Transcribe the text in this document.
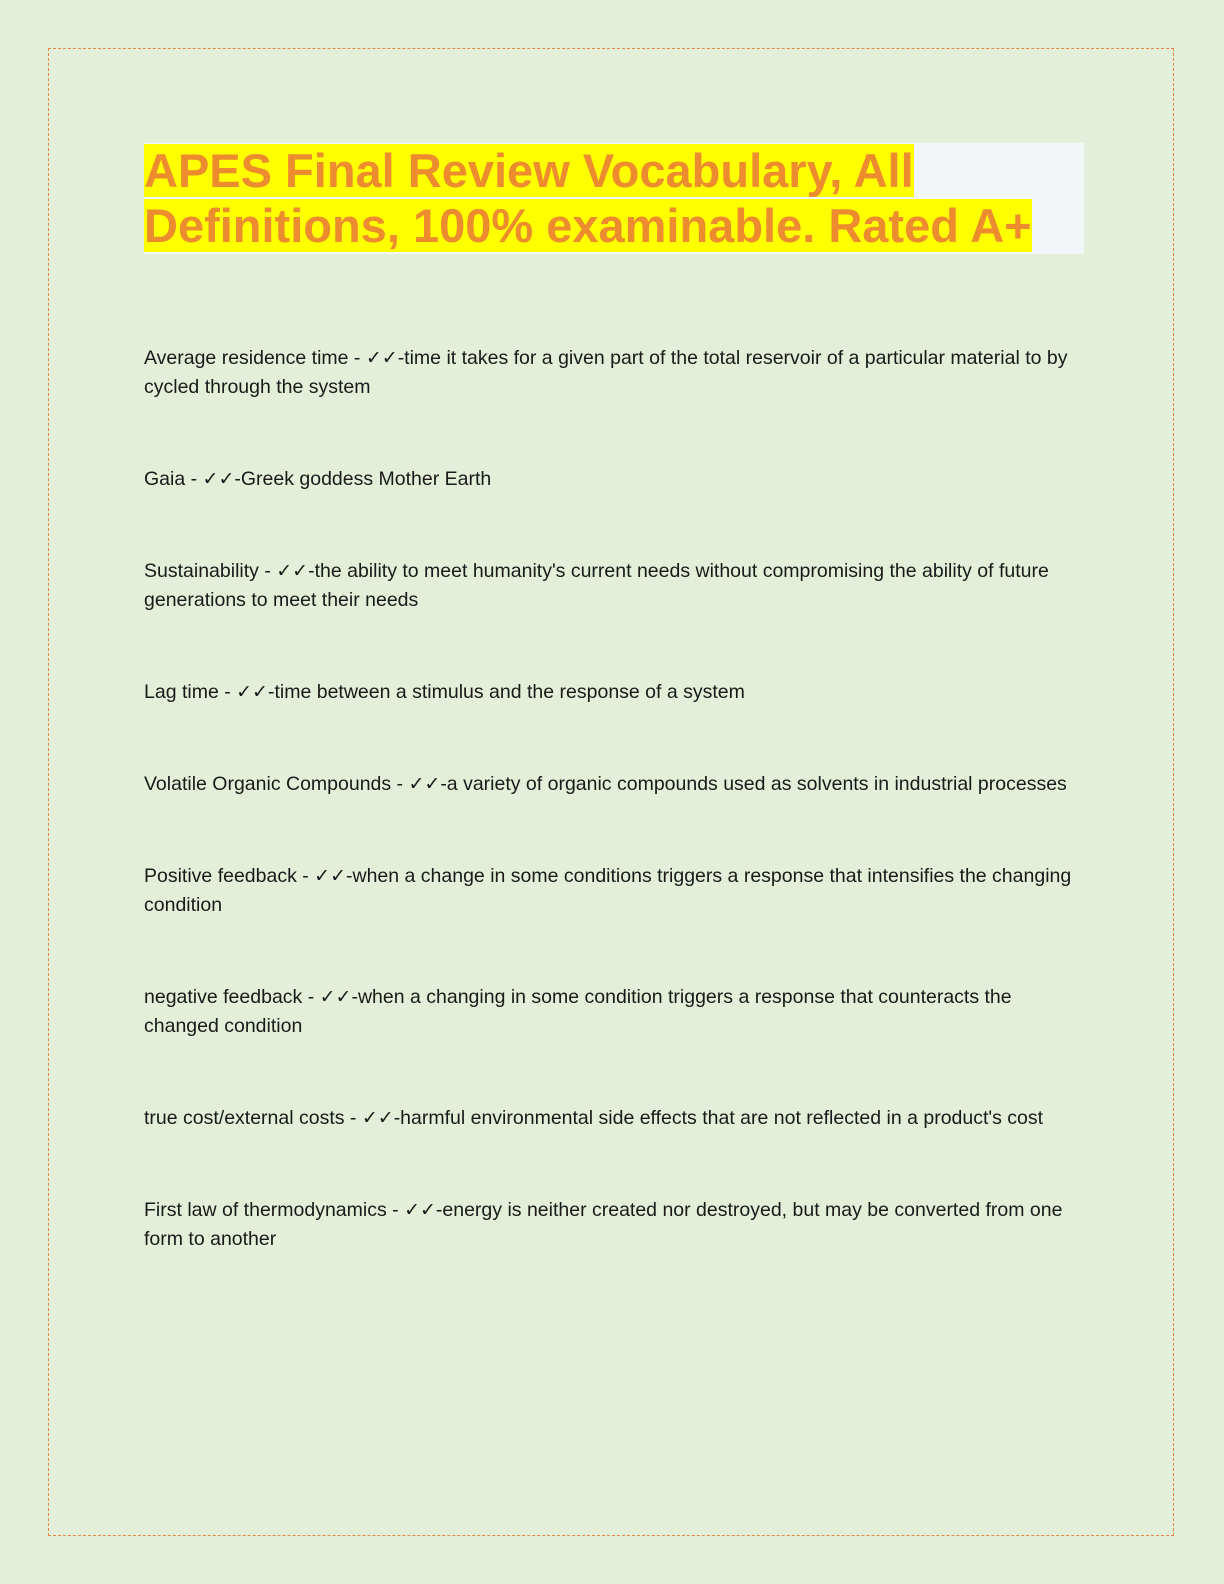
APES Final Review Vocabulary, All
Definitions, 100% examinable. Rated A+

Average residence time - ✓✓-time it takes for a given part of the total reservoir of a particular material to by cycled through the system

Gaia - ✓✓-Greek goddess Mother Earth

Sustainability - ✓✓-the ability to meet humanity's current needs without compromising the ability of future generations to meet their needs

Lag time - ✓✓-time between a stimulus and the response of a system

Volatile Organic Compounds - ✓✓-a variety of organic compounds used as solvents in industrial processes

Positive feedback - ✓✓-when a change in some conditions triggers a response that intensifies the changing condition

negative feedback - ✓✓-when a changing in some condition triggers a response that counteracts the changed condition

true cost/external costs - ✓✓-harmful environmental side effects that are not reflected in a product's cost

First law of thermodynamics - ✓✓-energy is neither created nor destroyed, but may be converted from one form to another
